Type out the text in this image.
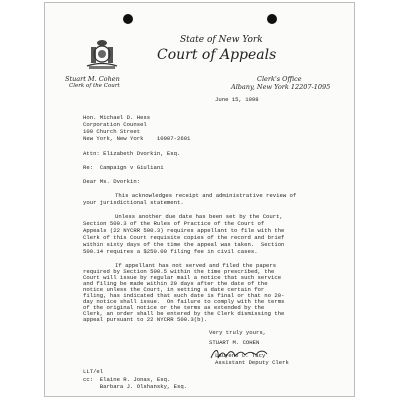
State of New York
Court of Appeals
Stuart M. Cohen
Clerk of the Court
Clerk's Office
Albany, New York 12207-1095
June 15, 1998
Hon. Michael D. Hess
Corporation Counsel
100 Church Street
New York, New York    10007-2601
Attn: Elizabeth Dvorkin, Esq.
Re:  Campaign v Giuliani
Dear Ms. Dvorkin:
This acknowledges receipt and administrative review of
your jurisdictional statement.
Unless another due date has been set by the Court,
Section 500.3 of the Rules of Practice of the Court of
Appeals (22 NYCRR 500.3) requires appellant to file with the
Clerk of this Court requisite copies of the record and brief
within sixty days of the time the appeal was taken.  Section
500.14 requires a $250.00 filing fee in civil cases.
If appellant has not served and filed the papers
required by Section 500.5 within the time prescribed, the
Court will issue by regular mail a notice that such service
and filing be made within 20 days after the date of the
notice unless the Court, in setting a date certain for
filing, has indicated that such date is final or that no 20-
day notice shall issue.  On failure to comply with the terms
of the original notice or the terms as extended by the
Clerk, an order shall be entered by the Clerk dismissing the
appeal pursuant to 22 NYCRR 500.3(b).
Very truly yours,
STUART M. COHEN
Laurene L. Tacy
Assistant Deputy Clerk
LLT/el
cc:  Elaine R. Jonas, Esq.
Barbara J. Olshansky, Esq.
